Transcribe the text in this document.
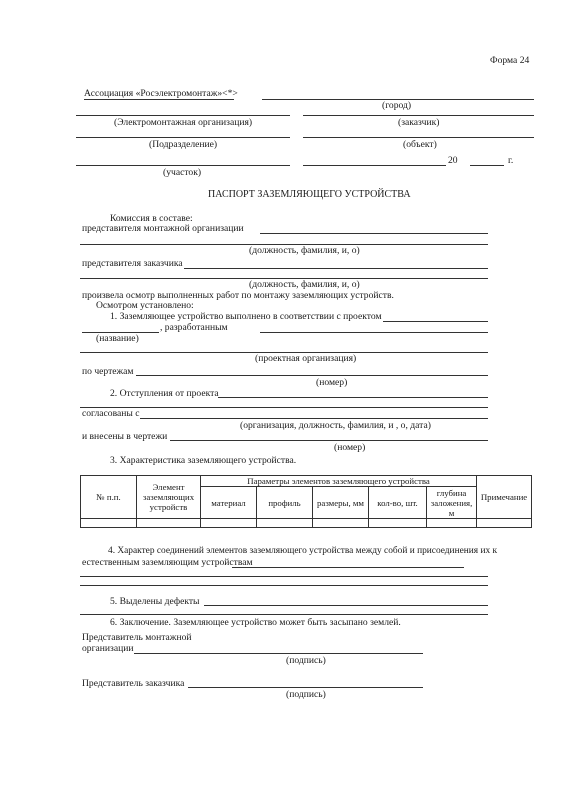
Форма 24
Ассоциация «Росэлектромонтаж»<*>
(город)
(Электромонтажная организация)	(заказчик)
(Подразделение)	(объект)
20	г.
(участок)
ПАСПОРТ ЗАЗЕМЛЯЮЩЕГО УСТРОЙСТВА
Комиссия в составе:
представителя монтажной организации
(должность, фамилия, и, о)
представителя заказчика
(должность, фамилия, и, о)
произвела осмотр выполненных работ по монтажу заземляющих устройств.
Осмотром установлено:
1. Заземляющее устройство выполнено в соответствии с проектом
, разработанным
(название)
(проектная организация)
по чертежам
(номер)
2. Отступления от проекта
согласованы с
(организация, должность, фамилия, и , о, дата)
и внесены в чертежи
(номер)
3. Характеристика заземляющего устройства.
№ п.п.	Элемент заземляющих устройств	Параметры элементов заземляющего устройства					Примечание
		материал	профиль	размеры, мм	кол-во, шт.	глубина заложения, м	

4. Характер соединений элементов заземляющего устройства между собой и присоединения их к
естественным заземляющим устройствам
5. Выделены дефекты
6. Заключение. Заземляющее устройство может быть засыпано землей.
Представитель монтажной
организации
(подпись)
Представитель заказчика
(подпись)
